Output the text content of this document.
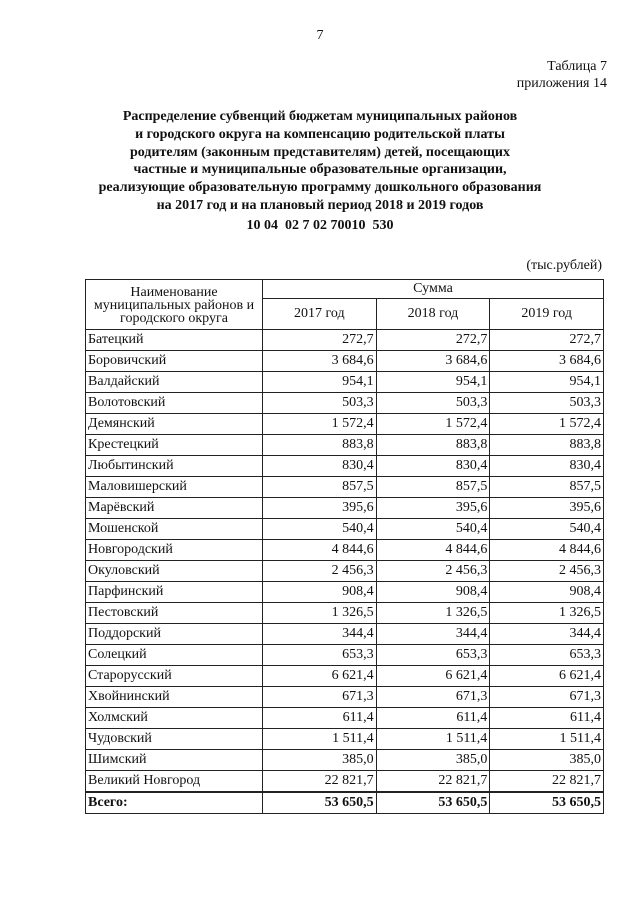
7
Таблица 7
приложения 14
Распределение субвенций бюджетам муниципальных районов
и городского округа на компенсацию родительской платы
родителям (законным представителям) детей, посещающих
частные и муниципальные образовательные организации,
реализующие образовательную программу дошкольного образования
на 2017 год и на плановый период 2018 и 2019 годов
10 04  02 7 02 70010  530
(тыс.рублей)
Наименование муниципальных районов и городского округа	Сумма		
	2017 год	2018 год	2019 год
Батецкий	272,7	272,7	272,7
Боровичский	3 684,6	3 684,6	3 684,6
Валдайский	954,1	954,1	954,1
Волотовский	503,3	503,3	503,3
Демянский	1 572,4	1 572,4	1 572,4
Крестецкий	883,8	883,8	883,8
Любытинский	830,4	830,4	830,4
Маловишерский	857,5	857,5	857,5
Марёвский	395,6	395,6	395,6
Мошенской	540,4	540,4	540,4
Новгородский	4 844,6	4 844,6	4 844,6
Окуловский	2 456,3	2 456,3	2 456,3
Парфинский	908,4	908,4	908,4
Пестовский	1 326,5	1 326,5	1 326,5
Поддорский	344,4	344,4	344,4
Солецкий	653,3	653,3	653,3
Старорусский	6 621,4	6 621,4	6 621,4
Хвойнинский	671,3	671,3	671,3
Холмский	611,4	611,4	611,4
Чудовский	1 511,4	1 511,4	1 511,4
Шимский	385,0	385,0	385,0
Великий Новгород	22 821,7	22 821,7	22 821,7
Всего:	53 650,5	53 650,5	53 650,5
